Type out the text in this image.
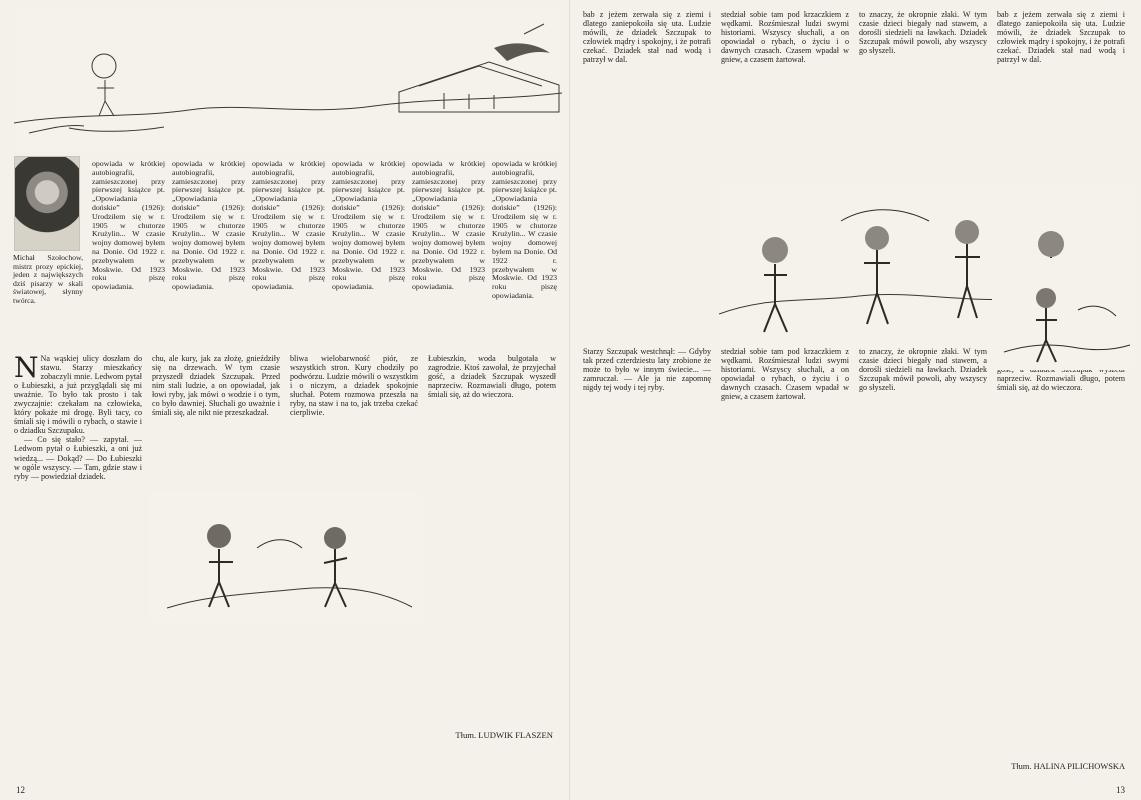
Michał Szołochow, mistrz prozy epickiej, jeden z największych dziś pisarzy w skali światowej, słynny twórca.
opowiada w krótkiej autobiografii, zamieszczonej przy pierwszej książce pt. „Opowiadania dońskie” (1926): Urodziłem się w r. 1905 w chutorze Krużylin... W czasie wojny domowej byłem na Donie. Od 1922 r. przebywałem w Moskwie. Od 1923 roku piszę opowiadania.
opowiada w krótkiej autobiografii, zamieszczonej przy pierwszej książce pt. „Opowiadania dońskie” (1926): Urodziłem się w r. 1905 w chutorze Krużylin... W czasie wojny domowej byłem na Donie. Od 1922 r. przebywałem w Moskwie. Od 1923 roku piszę opowiadania.
opowiada w krótkiej autobiografii, zamieszczonej przy pierwszej książce pt. „Opowiadania dońskie” (1926): Urodziłem się w r. 1905 w chutorze Krużylin... W czasie wojny domowej byłem na Donie. Od 1922 r. przebywałem w Moskwie. Od 1923 roku piszę opowiadania.
opowiada w krótkiej autobiografii, zamieszczonej przy pierwszej książce pt. „Opowiadania dońskie” (1926): Urodziłem się w r. 1905 w chutorze Krużylin... W czasie wojny domowej byłem na Donie. Od 1922 r. przebywałem w Moskwie. Od 1923 roku piszę opowiadania.
opowiada w krótkiej autobiografii, zamieszczonej przy pierwszej książce pt. „Opowiadania dońskie” (1926): Urodziłem się w r. 1905 w chutorze Krużylin... W czasie wojny domowej byłem na Donie. Od 1922 r. przebywałem w Moskwie. Od 1923 roku piszę opowiadania.
opowiada w krótkiej autobiografii, zamieszczonej przy pierwszej książce pt. „Opowiadania dońskie” (1926): Urodziłem się w r. 1905 w chutorze Krużylin... W czasie wojny domowej byłem na Donie. Od 1922 r. przebywałem w Moskwie. Od 1923 roku piszę opowiadania.
N Na wąskiej ulicy doszłam do stawu. Starzy mieszkańcy zobaczyli mnie. Ledwom pytał o Łubieszki, a już przyglądali się mi uważnie. To było tak prosto i tak zwyczajnie: czekałam na człowieka, który pokaże mi drogę. Byli tacy, co śmiali się i mówili o rybach, o stawie i o dziadku Szczupaku.

— Co się stało? — zapytał. — Ledwom pytał o Łubieszki, a oni już wiedzą... — Dokąd? — Do Łubieszki w ogóle wszyscy. — Tam, gdzie staw i ryby — powiedział dziadek.

chu, ale kury, jak za złożę, gnieździły się na drzewach. W tym czasie przyszedł dziadek Szczupak. Przed nim stali ludzie, a on opowiadał, jak łowi ryby, jak mówi o wodzie i o tym, co było dawniej. Słuchali go uważnie i śmiali się, ale nikt nie przeszkadzał.
bliwa wielobarwność piór, ze wszystkich stron. Kury chodziły po podwórzu. Ludzie mówili o wszystkim i o niczym, a dziadek spokojnie słuchał. Potem rozmowa przeszła na ryby, na staw i na to, jak trzeba czekać cierpliwie.
Łubieszkin, woda bulgotała w zagrodzie. Ktoś zawołał, że przyjechał gość, a dziadek Szczupak wyszedł naprzeciw. Rozmawiali długo, potem śmiali się, aż do wieczora.
12
Tłum. LUDWIK FLASZEN
bab z jeżem zerwała się z ziemi i dlatego zaniepokoiła się uta. Ludzie mówili, że dziadek Szczupak to człowiek mądry i spokojny, i że potrafi czekać. Dziadek stał nad wodą i patrzył w dal.
stedział sobie tam pod krzaczkiem z wędkami. Rozśmieszał ludzi swymi historiami. Wszyscy słuchali, a on opowiadał o rybach, o życiu i o dawnych czasach. Czasem wpadał w gniew, a czasem żartował.
to znaczy, że okropnie złaki. W tym czasie dzieci biegały nad stawem, a dorośli siedzieli na ławkach. Dziadek Szczupak mówił powoli, aby wszyscy go słyszeli.
bab z jeżem zerwała się z ziemi i dlatego zaniepokoiła się uta. Ludzie mówili, że dziadek Szczupak to człowiek mądry i spokojny, i że potrafi czekać. Dziadek stał nad wodą i patrzył w dal.
Starzy Szczupak westchnął: — Gdyby tak przed czterdziestu laty zrobione że może to było w innym świecie... — zamruczał. — Ale ja nie zapomnę nigdy tej wody i tej ryby.
stedział sobie tam pod krzaczkiem z wędkami. Rozśmieszał ludzi swymi historiami. Wszyscy słuchali, a on opowiadał o rybach, o życiu i o dawnych czasach. Czasem wpadał w gniew, a czasem żartował.
to znaczy, że okropnie złaki. W tym czasie dzieci biegały nad stawem, a dorośli siedzieli na ławkach. Dziadek Szczupak mówił powoli, aby wszyscy go słyszeli.
naprzeciw. Rozmawiali długo, potem śmiali się, aż do wieczora.
13
Tłum. HALINA PILICHOWSKA
